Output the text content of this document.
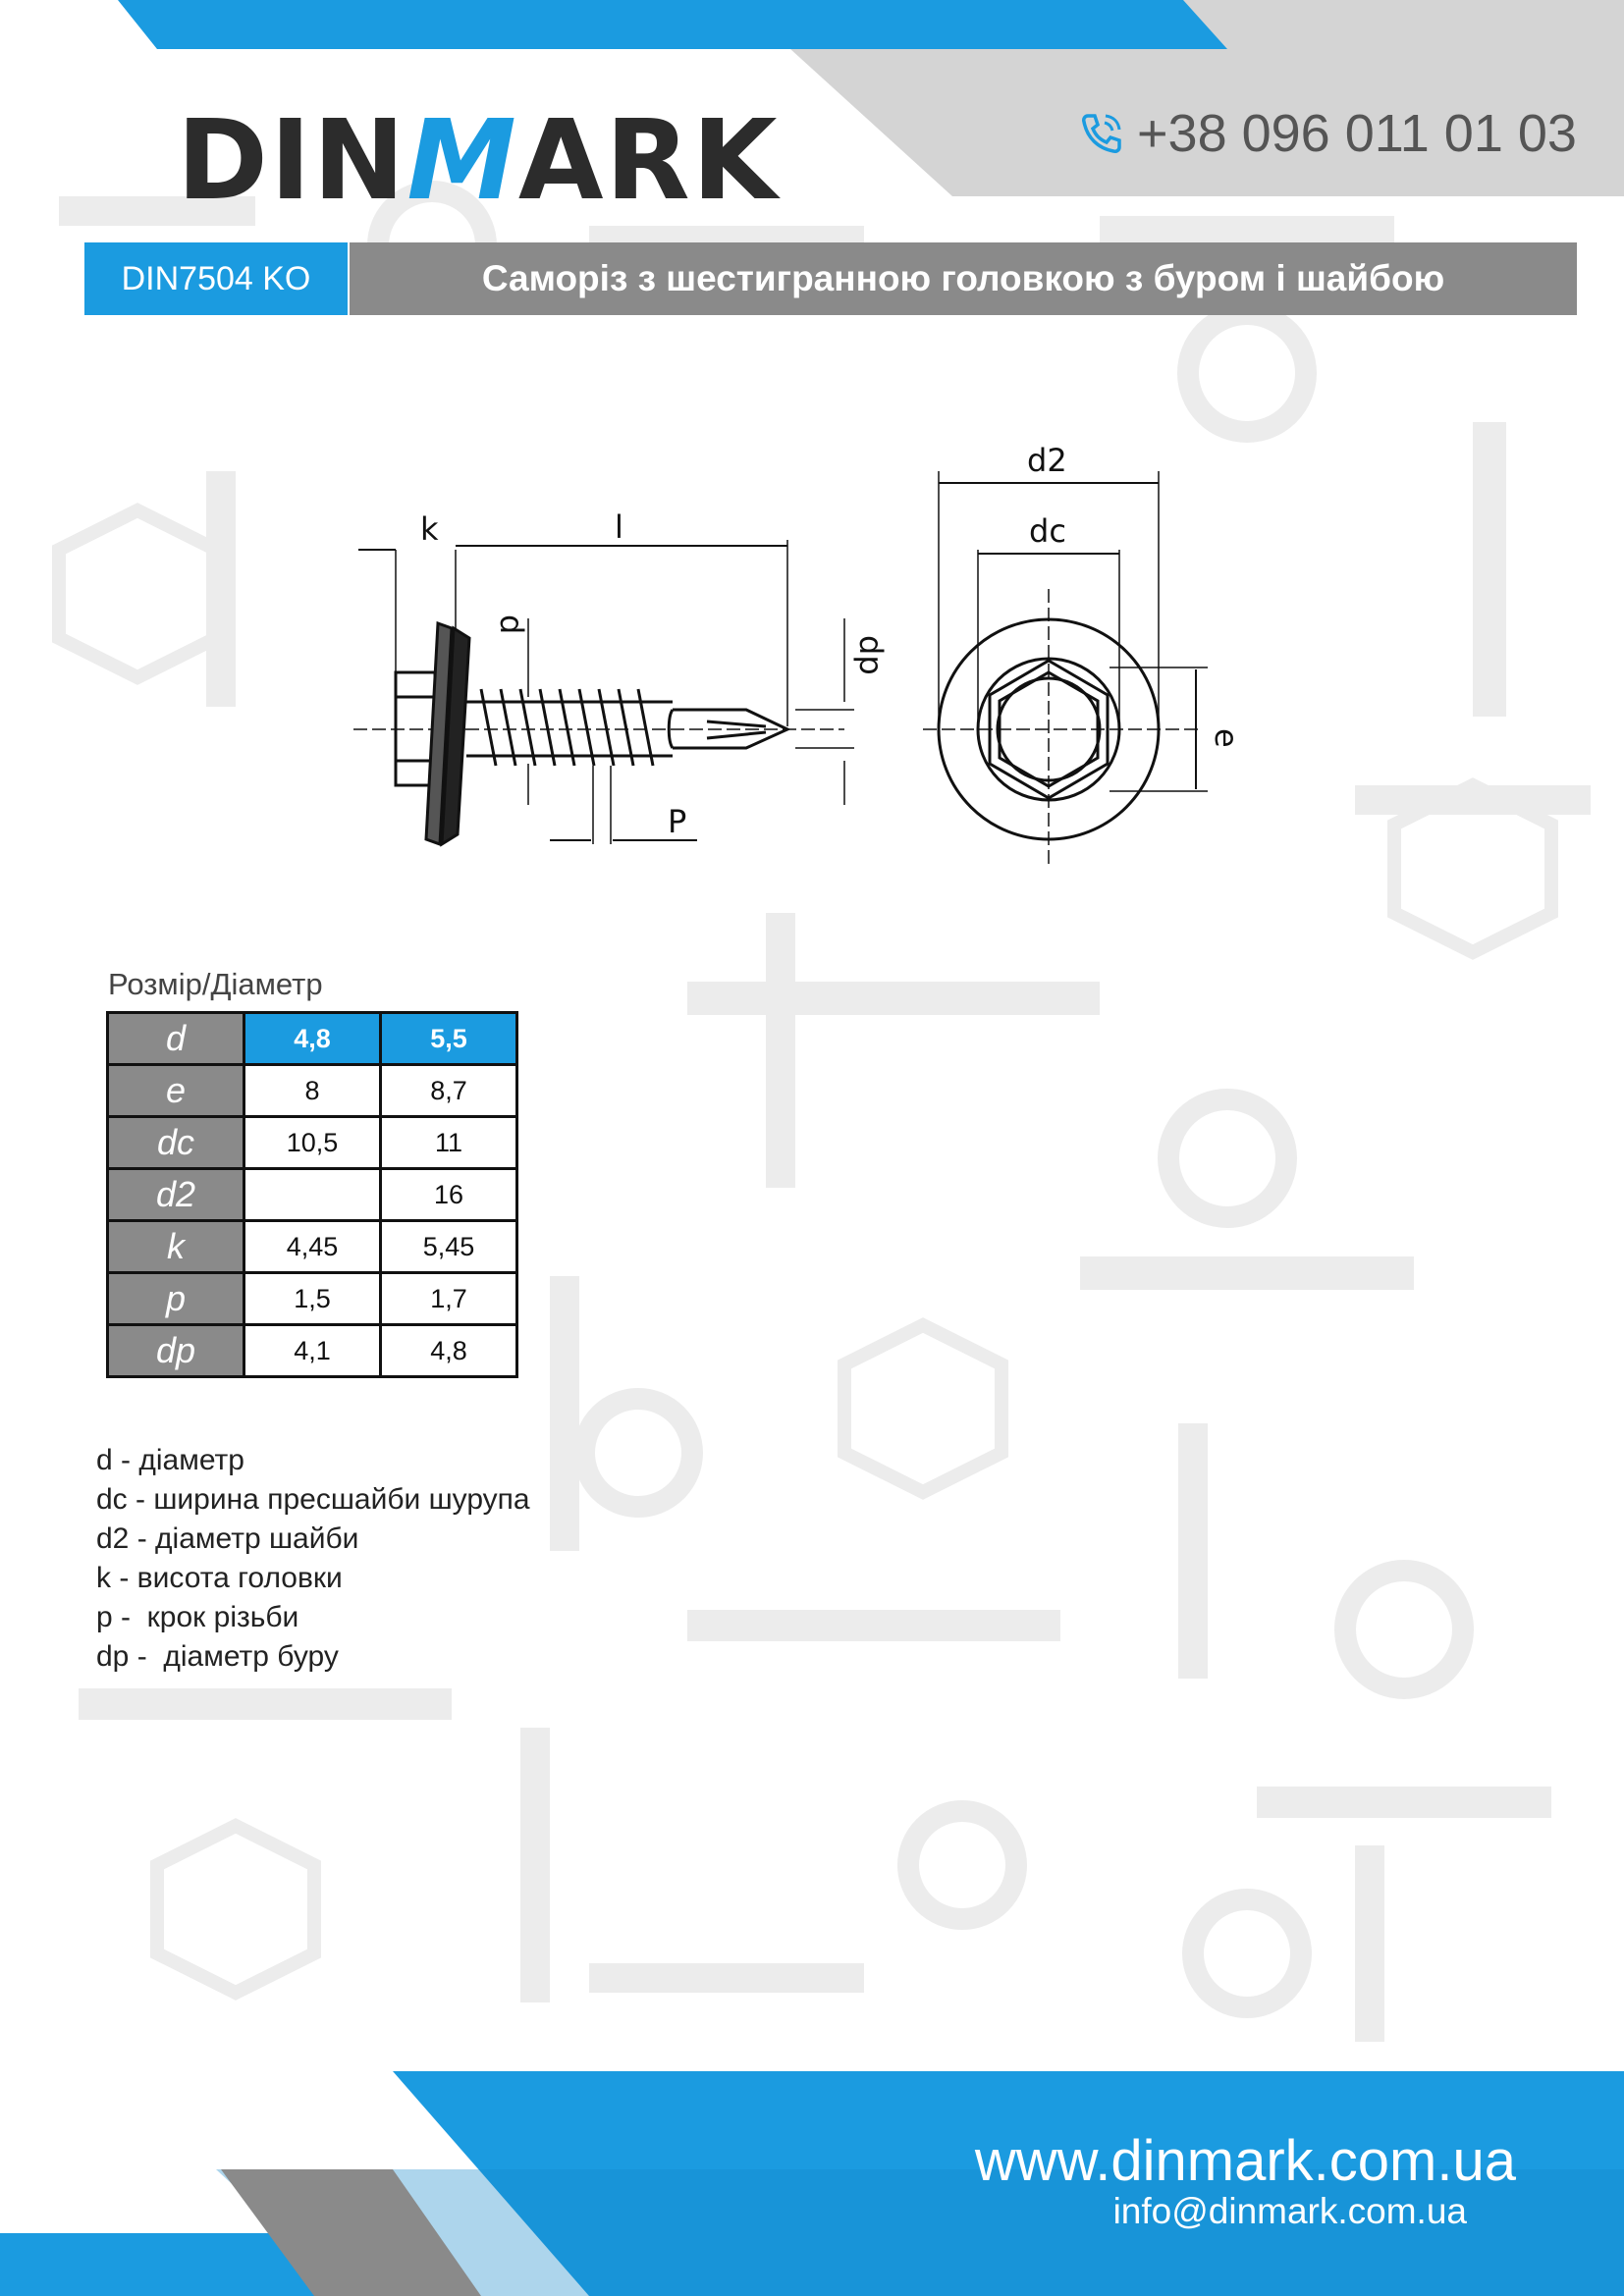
DINMARK	+38 096 011 01 03
DIN7504 KO	Саморіз з шестигранною головкою з буром і шайбою
k	l
d
dp
P
d2
dc
e
Розмір/Діаметр
d	4,8	5,5
e	8	8,7
dc	10,5	11
d2		16
k	4,45	5,45
p	1,5	1,7
dp	4,1	4,8
d - діаметр
dc - ширина пресшайби шурупа
d2 - діаметр шайби
k - висота головки
p -  крок різьби
dp -  діаметр буру
www.dinmark.com.ua
info@dinmark.com.ua
